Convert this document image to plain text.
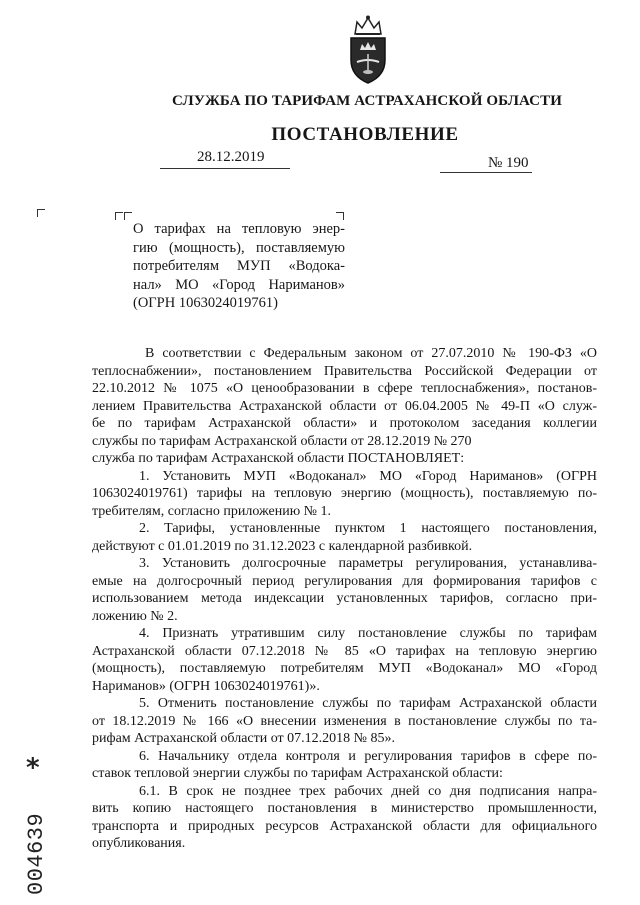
СЛУЖБА ПО ТАРИФАМ АСТРАХАНСКОЙ ОБЛАСТИ
ПОСТАНОВЛЕНИЕ
28.12.2019	№ 190
О тарифах на тепловую энер-
гию (мощность), поставляемую
потребителям МУП «Водока-
нал» МО «Город Нариманов»
(ОГРН 1063024019761)
В соответствии с Федеральным законом от 27.07.2010 № 190-ФЗ «О
теплоснабжении», постановлением Правительства Российской Федерации от
22.10.2012 № 1075 «О ценообразовании в сфере теплоснабжения», постанов-
лением Правительства Астраханской области от 06.04.2005 № 49-П «О служ-
бе по тарифам Астраханской области» и протоколом заседания коллегии
службы по тарифам Астраханской области от 28.12.2019 № 270
служба по тарифам Астраханской области ПОСТАНОВЛЯЕТ:
1. Установить МУП «Водоканал» МО «Город Нариманов» (ОГРН
1063024019761) тарифы на тепловую энергию (мощность), поставляемую по-
требителям, согласно приложению № 1.
2. Тарифы, установленные пунктом 1 настоящего постановления,
действуют с 01.01.2019 по 31.12.2023 с календарной разбивкой.
3. Установить долгосрочные параметры регулирования, устанавлива-
емые на долгосрочный период регулирования для формирования тарифов с
использованием метода индексации установленных тарифов, согласно при-
ложению № 2.
4. Признать утратившим силу постановление службы по тарифам
Астраханской области 07.12.2018 № 85 «О тарифах на тепловую энергию
(мощность), поставляемую потребителям МУП «Водоканал» МО «Город
Нариманов» (ОГРН 1063024019761)».
5. Отменить постановление службы по тарифам Астраханской области
от 18.12.2019 № 166 «О внесении изменения в постановление службы по та-
рифам Астраханской области от 07.12.2018 № 85».
6. Начальнику отдела контроля и регулирования тарифов в сфере по-
ставок тепловой энергии службы по тарифам Астраханской области:
6.1. В срок не позднее трех рабочих дней со дня подписания напра-
вить копию настоящего постановления в министерство промышленности,
транспорта и природных ресурсов Астраханской области для официального
опубликования.
004639
*
